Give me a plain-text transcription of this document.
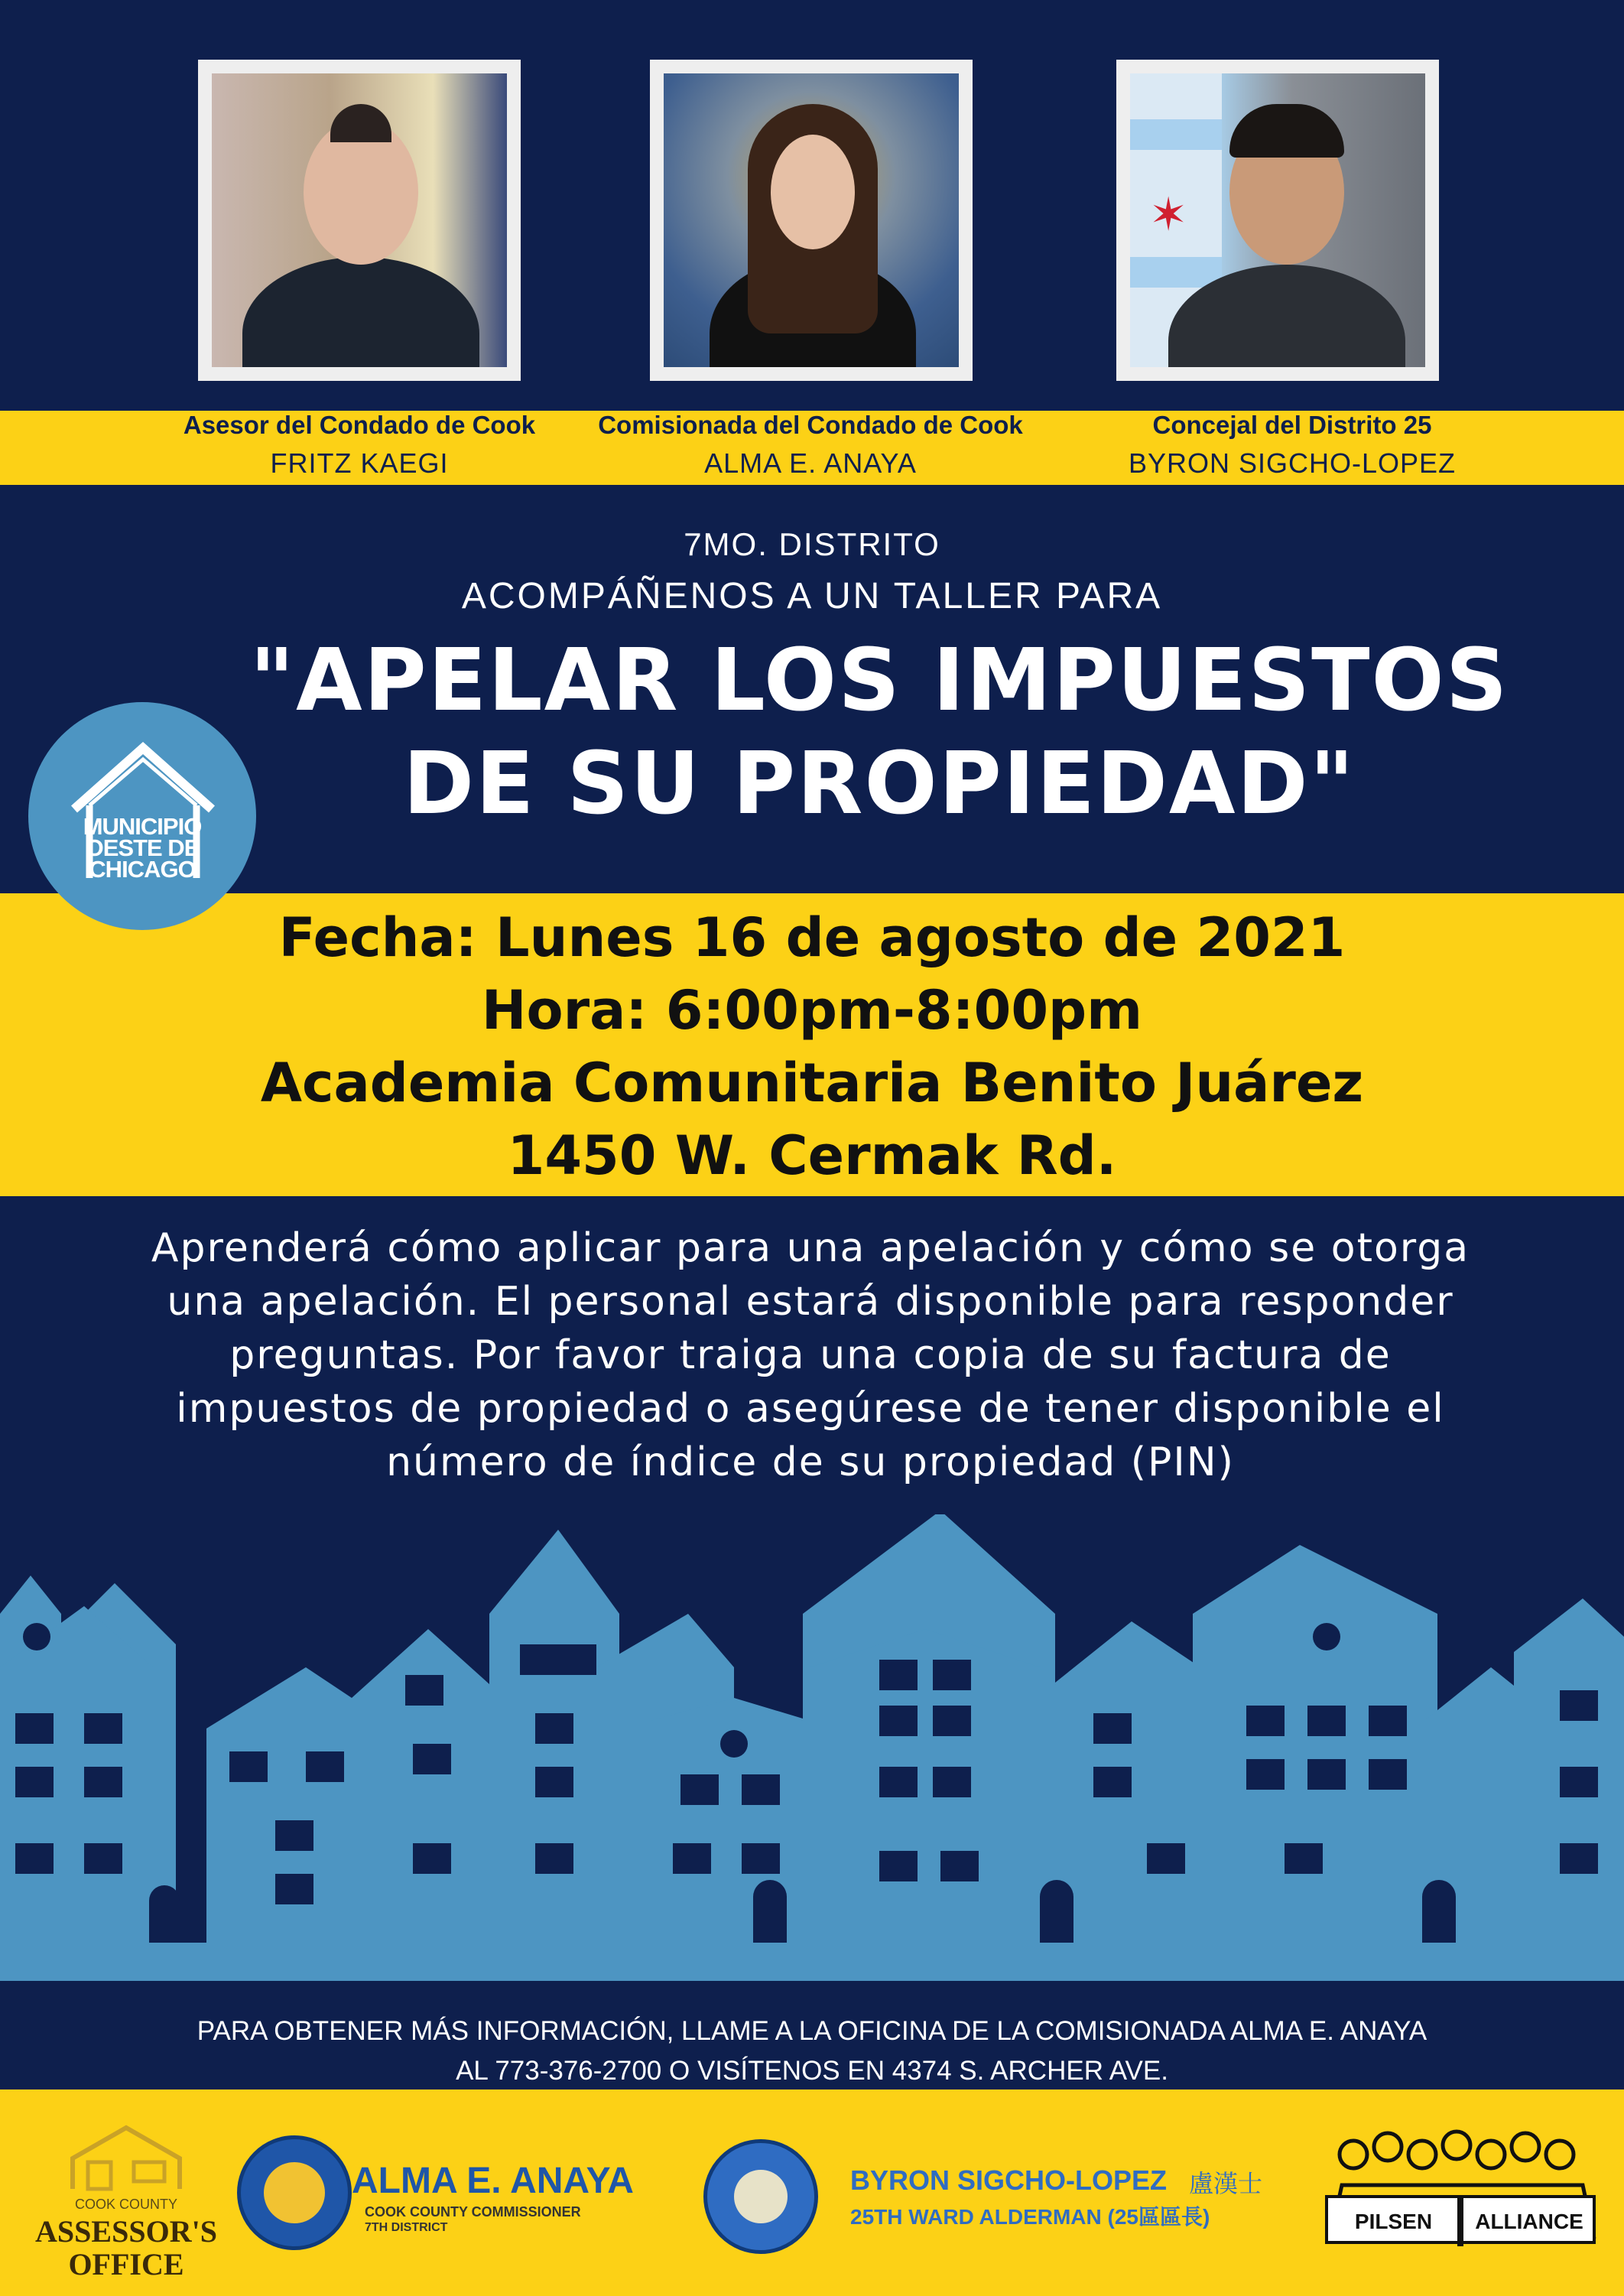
✶
Asesor del Condado de Cook
FRITZ KAEGI
Comisionada del Condado de Cook
ALMA E. ANAYA
Concejal del Distrito 25
BYRON SIGCHO-LOPEZ
7MO. DISTRITO
ACOMPÁÑENOS A UN TALLER PARA
"APELAR LOS IMPUESTOS
DE SU PROPIEDAD"
MUNICIPIO
OESTE DE
CHICAGO
Fecha: Lunes 16 de agosto de 2021
Hora: 6:00pm-8:00pm
Academia Comunitaria Benito Juárez
1450 W. Cermak Rd.
Aprenderá cómo aplicar para una apelación y cómo se otorga
una apelación. El personal estará disponible para responder
preguntas. Por favor traiga una copia de su factura de
impuestos de propiedad o asegúrese de tener disponible el
número de índice de su propiedad (PIN)
PARA OBTENER MÁS INFORMACIÓN, LLAME A LA OFICINA DE LA COMISIONADA ALMA E. ANAYA
AL 773-376-2700 O VISÍTENOS EN 4374 S. ARCHER AVE.
COOK COUNTY
ASSESSOR'S
OFFICE
ALMA E. ANAYA
COOK COUNTY COMMISSIONER
7TH DISTRICT
BYRON SIGCHO-LOPEZ 盧漢士
25TH WARD ALDERMAN (25區區長)	PILSEN	ALLIANCE
